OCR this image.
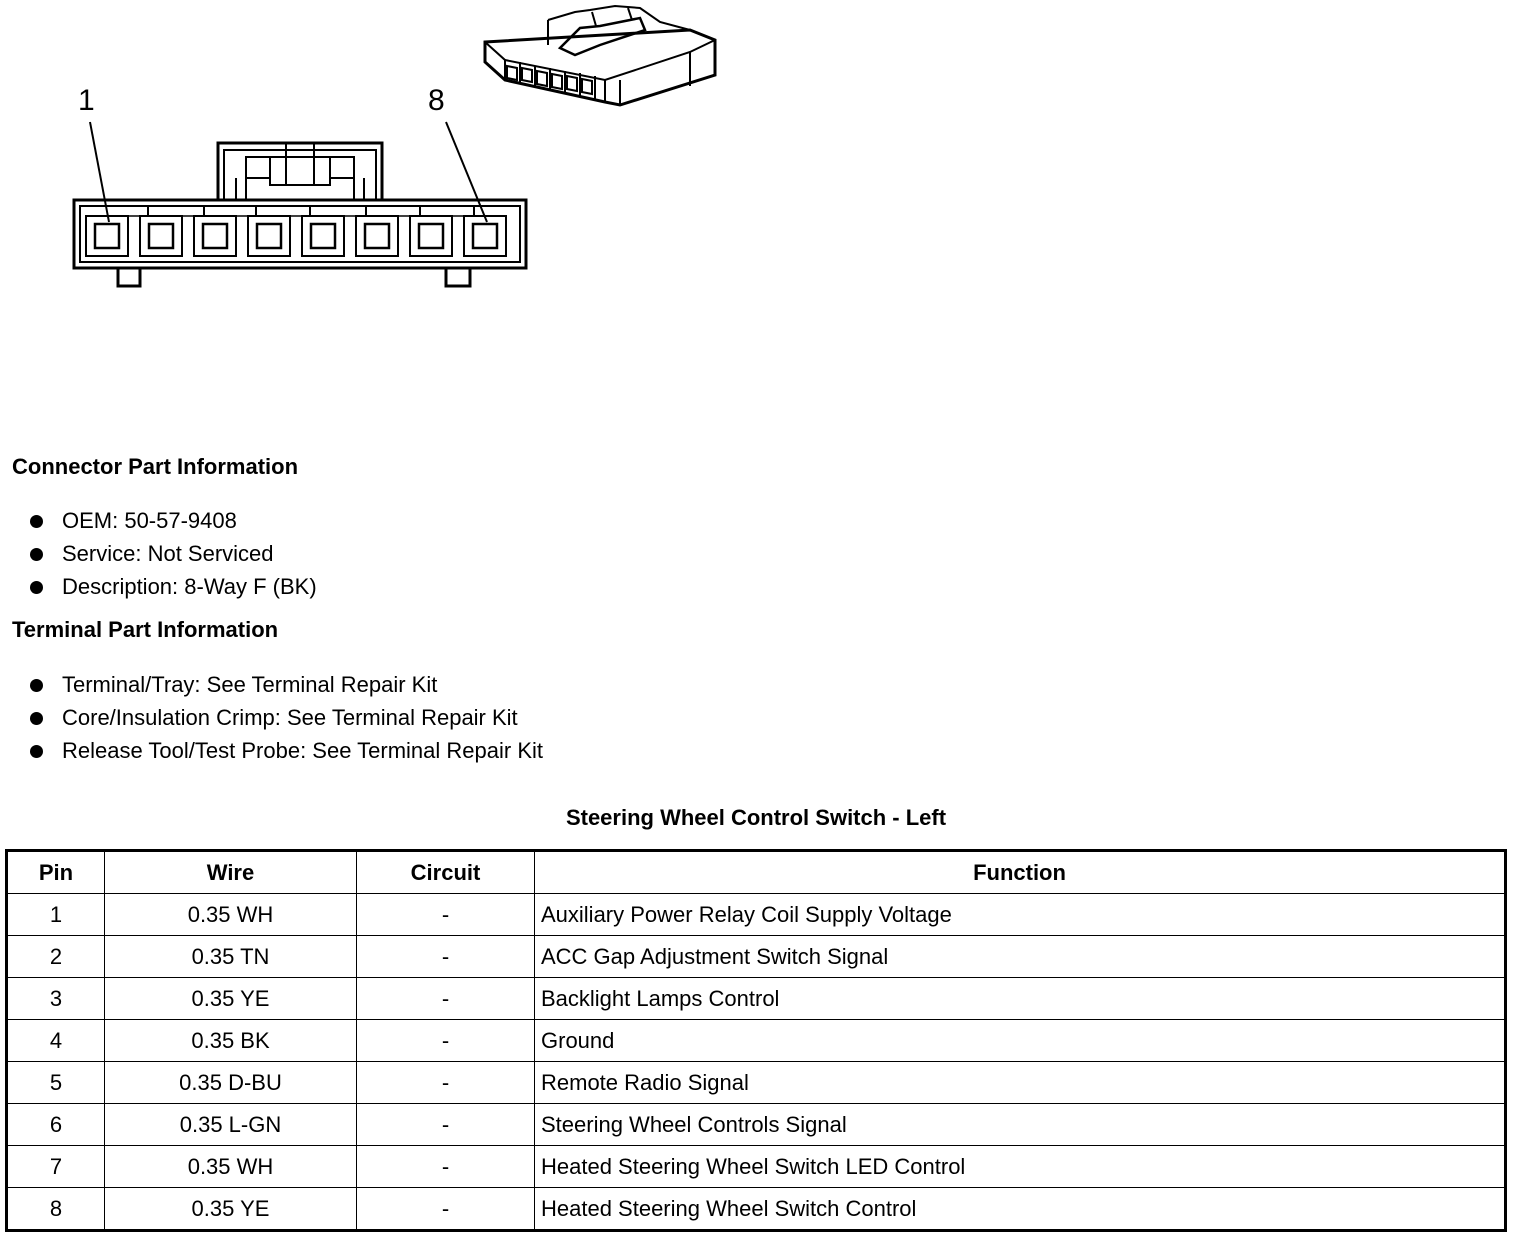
1	8
Connector Part Information
OEM: 50-57-9408
Service: Not Serviced
Description: 8-Way F (BK)
Terminal Part Information
Terminal/Tray: See Terminal Repair Kit
Core/Insulation Crimp: See Terminal Repair Kit
Release Tool/Test Probe: See Terminal Repair Kit
Steering Wheel Control Switch - Left
Pin	Wire	Circuit	Function
1	0.35 WH	-	Auxiliary Power Relay Coil Supply Voltage
2	0.35 TN	-	ACC Gap Adjustment Switch Signal
3	0.35 YE	-	Backlight Lamps Control
4	0.35 BK	-	Ground
5	0.35 D-BU	-	Remote Radio Signal
6	0.35 L-GN	-	Steering Wheel Controls Signal
7	0.35 WH	-	Heated Steering Wheel Switch LED Control
8	0.35 YE	-	Heated Steering Wheel Switch Control
